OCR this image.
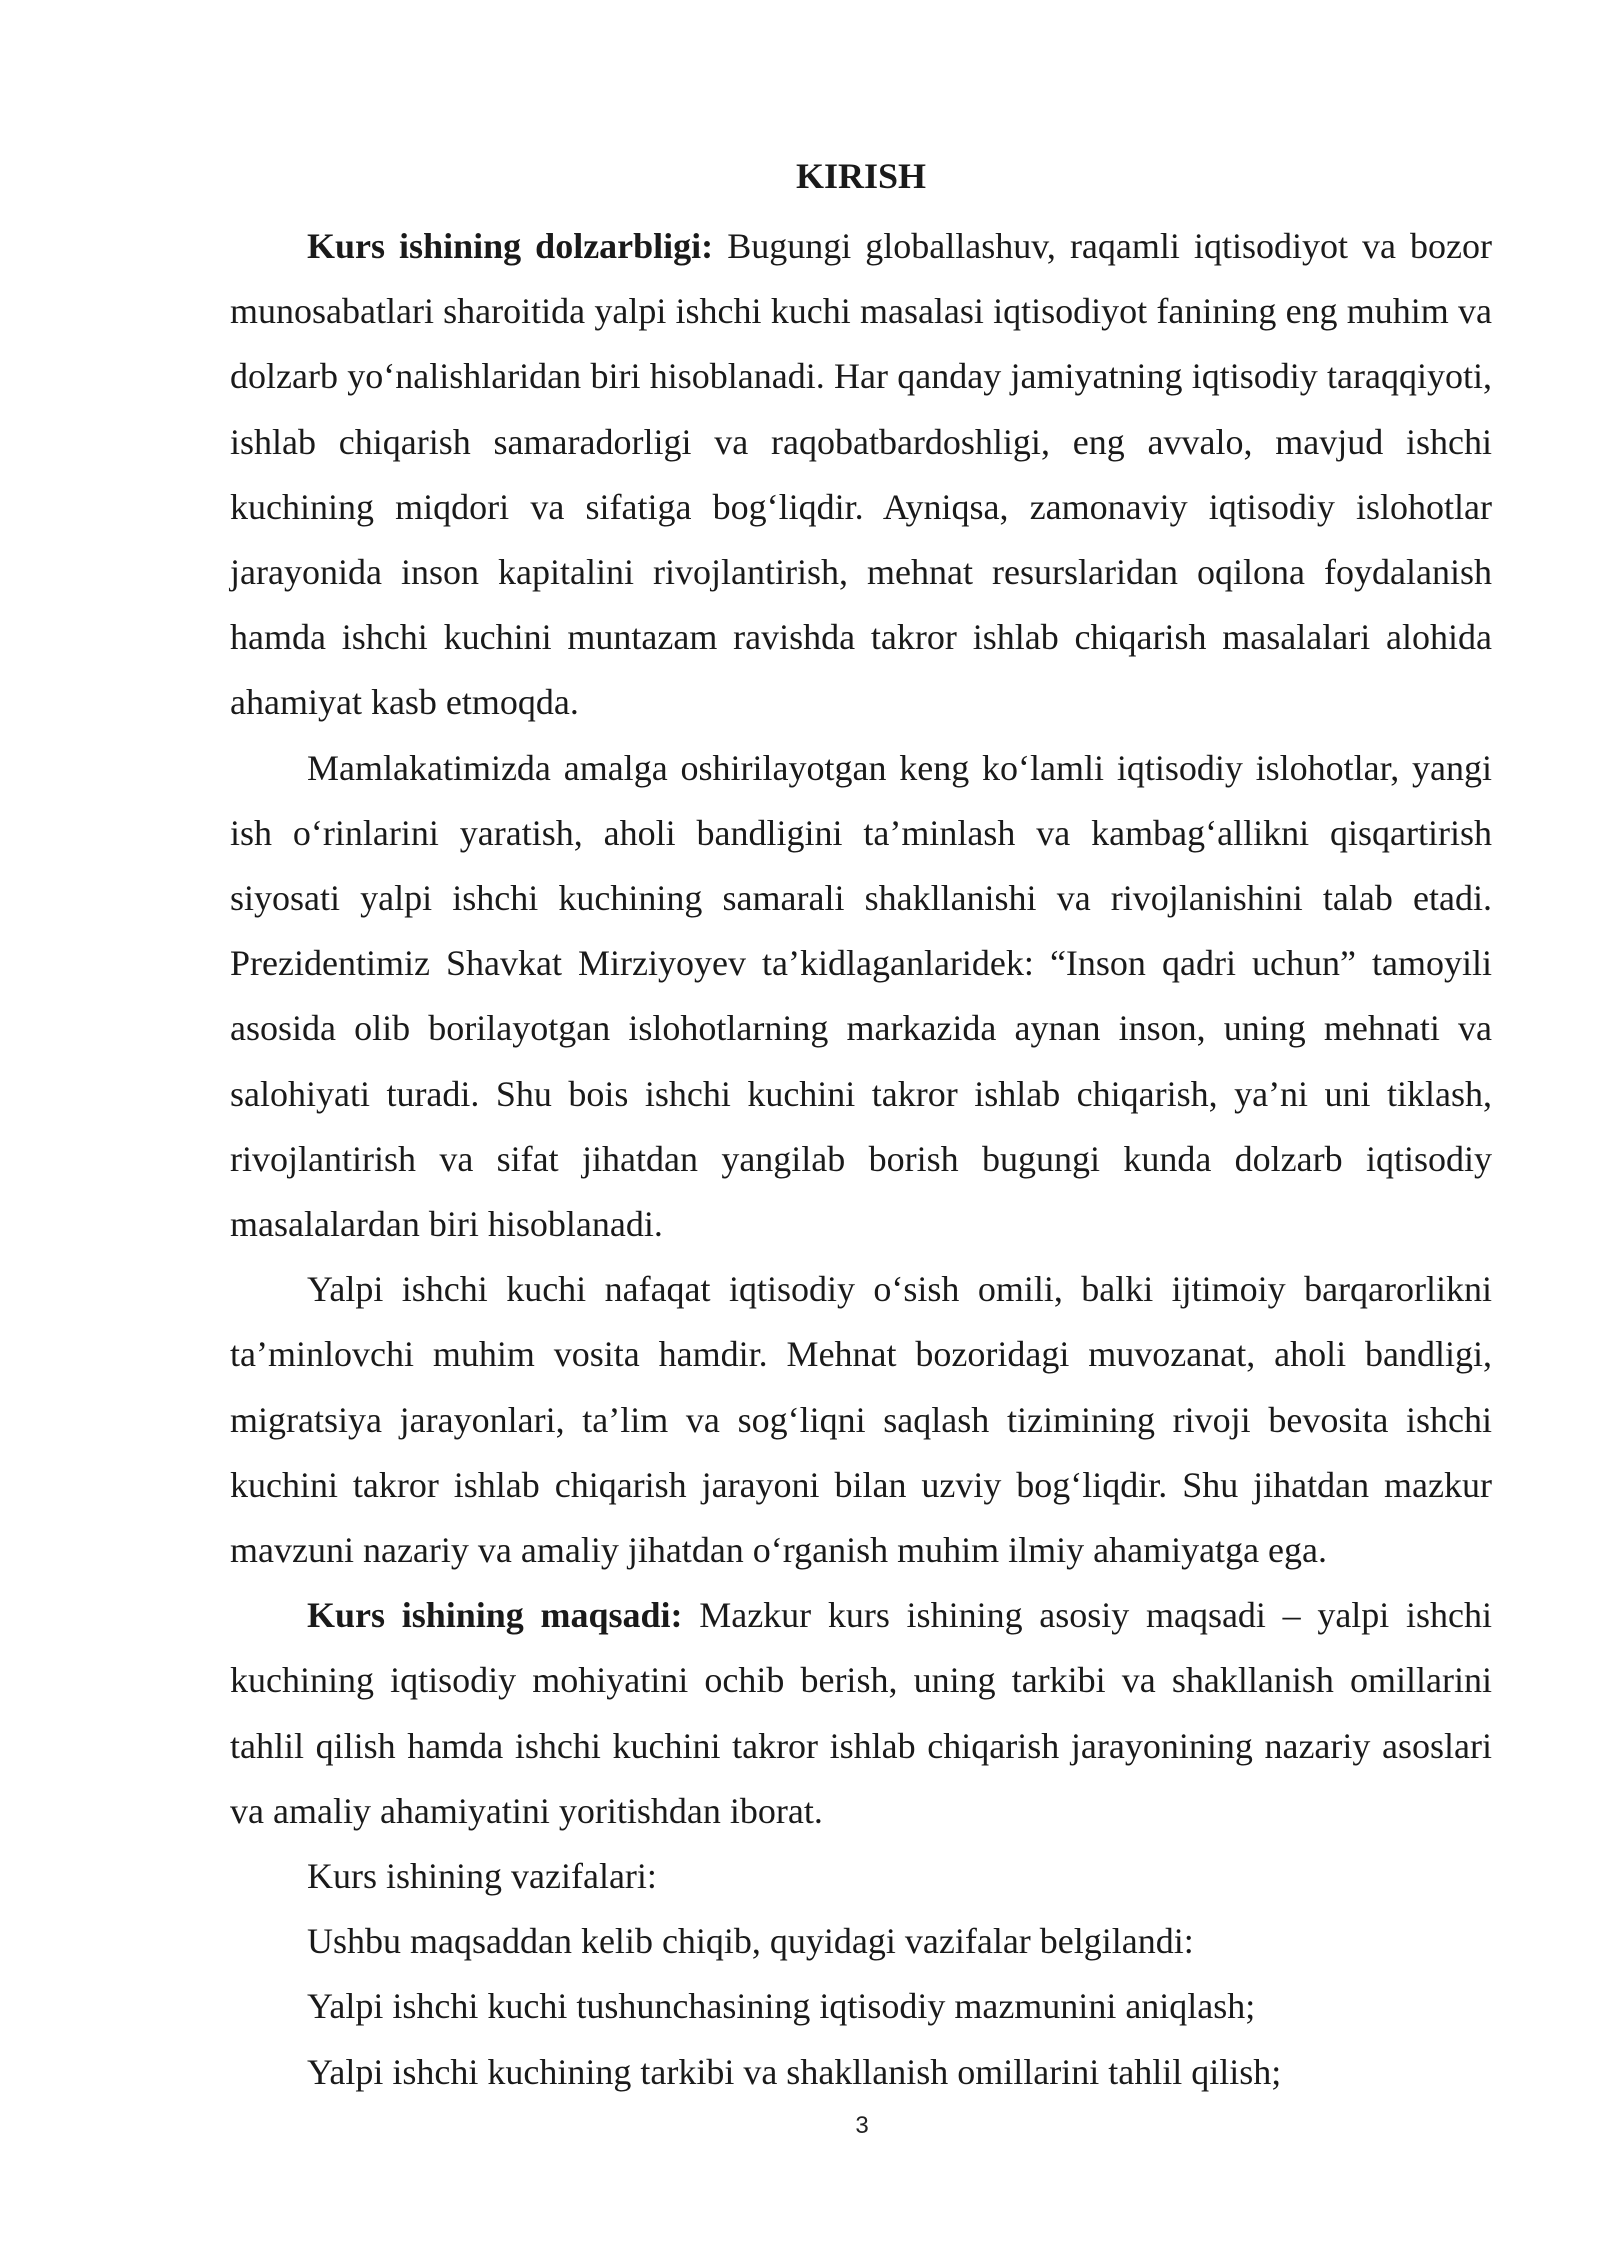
KIRISH

Kurs ishining dolzarbligi: Bugungi globallashuv, raqamli iqtisodiyot va bozor munosabatlari sharoitida yalpi ishchi kuchi masalasi iqtisodiyot fanining eng muhim va dolzarb yo‘nalishlaridan biri hisoblanadi. Har qanday jamiyatning iqtisodiy taraqqiyoti, ishlab chiqarish samaradorligi va raqobatbardoshligi, eng avvalo, mavjud ishchi kuchining miqdori va sifatiga bog‘liqdir. Ayniqsa, zamonaviy iqtisodiy islohotlar jarayonida inson kapitalini rivojlantirish, mehnat resurslaridan oqilona foydalanish hamda ishchi kuchini muntazam ravishda takror ishlab chiqarish masalalari alohida ahamiyat kasb etmoqda.

Mamlakatimizda amalga oshirilayotgan keng ko‘lamli iqtisodiy islohotlar, yangi ish o‘rinlarini yaratish, aholi bandligini ta’minlash va kambag‘allikni qisqartirish siyosati yalpi ishchi kuchining samarali shakllanishi va rivojlanishini talab etadi. Prezidentimiz Shavkat Mirziyoyev ta’kidlaganlaridek: “Inson qadri uchun” tamoyili asosida olib borilayotgan islohotlarning markazida aynan inson, uning mehnati va salohiyati turadi. Shu bois ishchi kuchini takror ishlab chiqarish, ya’ni uni tiklash, rivojlantirish va sifat jihatdan yangilab borish bugungi kunda dolzarb iqtisodiy masalalardan biri hisoblanadi.

Yalpi ishchi kuchi nafaqat iqtisodiy o‘sish omili, balki ijtimoiy barqarorlikni ta’minlovchi muhim vosita hamdir. Mehnat bozoridagi muvozanat, aholi bandligi, migratsiya jarayonlari, ta’lim va sog‘liqni saqlash tizimining rivoji bevosita ishchi kuchini takror ishlab chiqarish jarayoni bilan uzviy bog‘liqdir. Shu jihatdan mazkur mavzuni nazariy va amaliy jihatdan o‘rganish muhim ilmiy ahamiyatga ega.

Kurs ishining maqsadi: Mazkur kurs ishining asosiy maqsadi – yalpi ishchi kuchining iqtisodiy mohiyatini ochib berish, uning tarkibi va shakllanish omillarini tahlil qilish hamda ishchi kuchini takror ishlab chiqarish jarayonining nazariy asoslari va amaliy ahamiyatini yoritishdan iborat.

Kurs ishining vazifalari:

Ushbu maqsaddan kelib chiqib, quyidagi vazifalar belgilandi:

Yalpi ishchi kuchi tushunchasining iqtisodiy mazmunini aniqlash;

Yalpi ishchi kuchining tarkibi va shakllanish omillarini tahlil qilish;

3
